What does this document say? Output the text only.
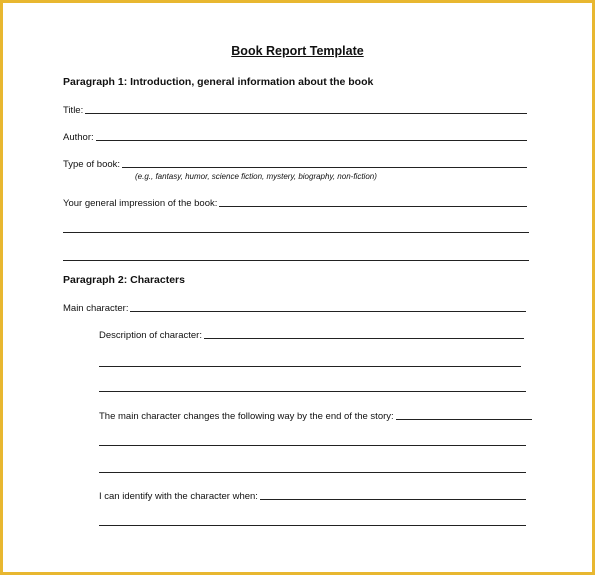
Book Report Template
Paragraph 1: Introduction, general information about the book
Title:
Author:
Type of book:
(e.g., fantasy, humor, science fiction, mystery, biography, non-fiction)
Your general impression of the book:
Paragraph 2: Characters
Main character:
Description of character:
The main character changes the following way by the end of the story:
I can identify with the character when:
